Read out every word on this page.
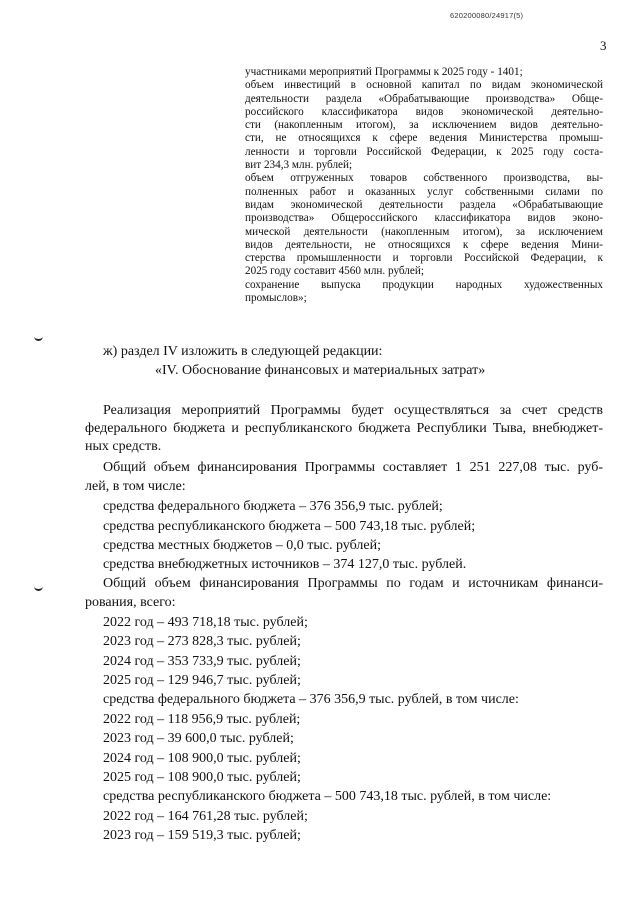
620200080/24917(5)
3

участниками мероприятий Программы к 2025 году - 1401;

объем инвестиций в основной капитал по видам экономической

деятельности раздела «Обрабатывающие производства» Обще-

российского классификатора видов экономической деятельно-

сти (накопленным итогом), за исключением видов деятельно-

сти, не относящихся к сфере ведения Министерства промыш-

ленности и торговли Российской Федерации, к 2025 году соста-

вит 234,3 млн. рублей;

объем отгруженных товаров собственного производства, вы-

полненных работ и оказанных услуг собственными силами по

видам экономической деятельности раздела «Обрабатывающие

производства» Общероссийского классификатора видов эконо-

мической деятельности (накопленным итогом), за исключением

видов деятельности, не относящихся к сфере ведения Мини-

стерства промышленности и торговли Российской Федерации, к

2025 году составит 4560 млн. рублей;

сохранение выпуска продукции народных художественных

промыслов»;

ж) раздел IV изложить в следующей редакции:
«IV. Обоснование финансовых и материальных затрат»
Реализация мероприятий Программы будет осуществляться за счет средств
федерального бюджета и республиканского бюджета Республики Тыва, внебюджет-
ных средств.
Общий объем финансирования Программы составляет 1 251 227,08 тыс. руб-
лей, в том числе:
средства федерального бюджета – 376 356,9 тыс. рублей;
средства республиканского бюджета – 500 743,18 тыс. рублей;
средства местных бюджетов – 0,0 тыс. рублей;
средства внебюджетных источников – 374 127,0 тыс. рублей.
Общий объем финансирования Программы по годам и источникам финанси-
рования, всего:
2022 год – 493 718,18 тыс. рублей;
2023 год – 273 828,3 тыс. рублей;
2024 год – 353 733,9 тыс. рублей;
2025 год – 129 946,7 тыс. рублей;
средства федерального бюджета – 376 356,9 тыс. рублей, в том числе:
2022 год – 118 956,9 тыс. рублей;
2023 год – 39 600,0 тыс. рублей;
2024 год – 108 900,0 тыс. рублей;
2025 год – 108 900,0 тыс. рублей;
средства республиканского бюджета – 500 743,18 тыс. рублей, в том числе:
2022 год – 164 761,28 тыс. рублей;
2023 год – 159 519,3 тыс. рублей;
